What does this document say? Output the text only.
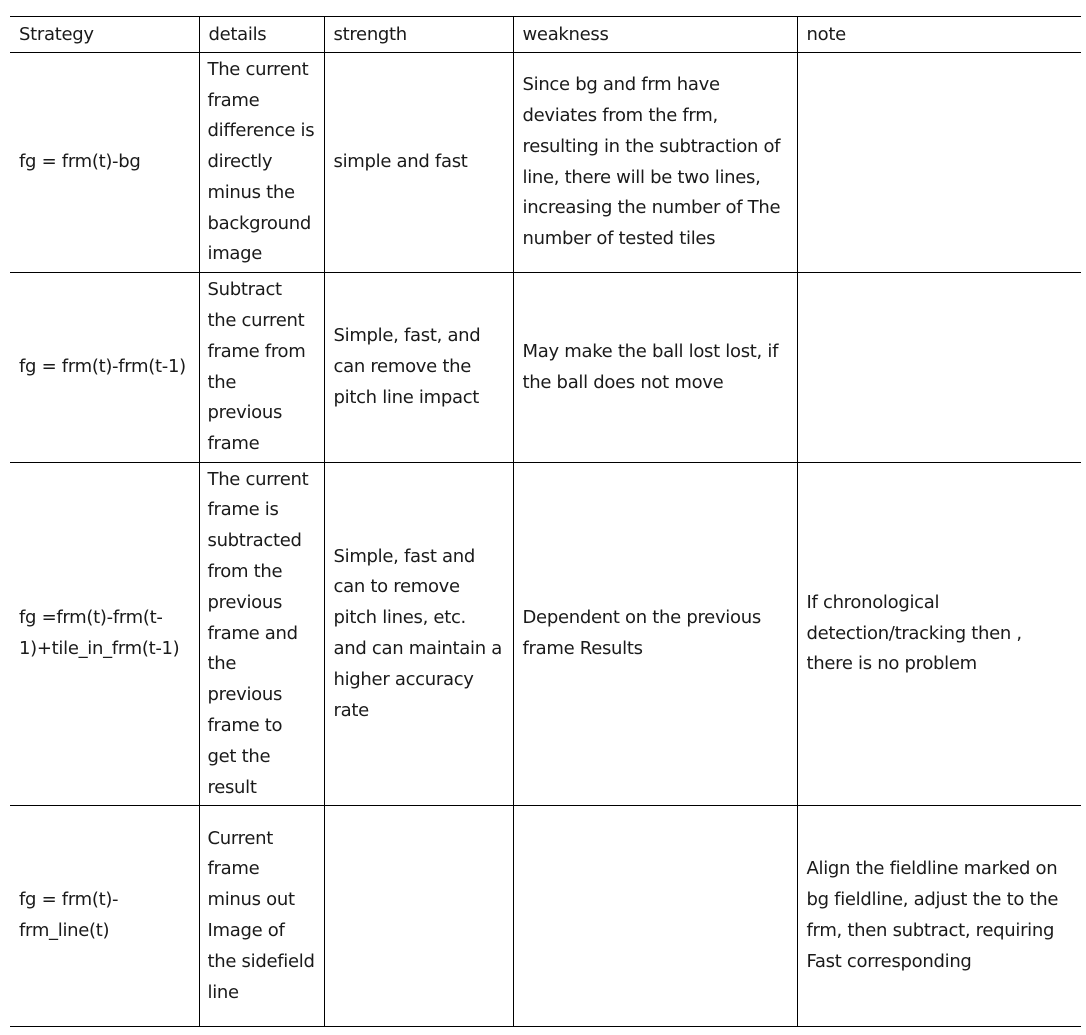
Strategy	details	strength	weakness	note
fg = frm(t)-bg	The current frame difference is directly minus the background image	simple and fast	Since bg and frm have deviates from the frm, resulting in the subtraction of line, there will be two lines, increasing the number of The number of tested tiles	
fg = frm(t)-frm(t-1)	Subtract the current frame from the previous frame	Simple, fast, and can remove the pitch line impact	May make the ball lost lost, if the ball does not move	
fg =frm(t)-frm(t-1)+tile_in_frm(t-1)	The current frame is subtracted from the previous frame and the previous frame to get the result	Simple, fast and can to remove pitch lines, etc. and can maintain a higher accuracy rate	Dependent on the previous frame Results	If chronological detection/tracking then , there is no problem
fg = frm(t)-frm_line(t)	Current frame minus out Image of the sidefield line			Align the fieldline marked on bg fieldline, adjust the to the frm, then subtract, requiring Fast corresponding
